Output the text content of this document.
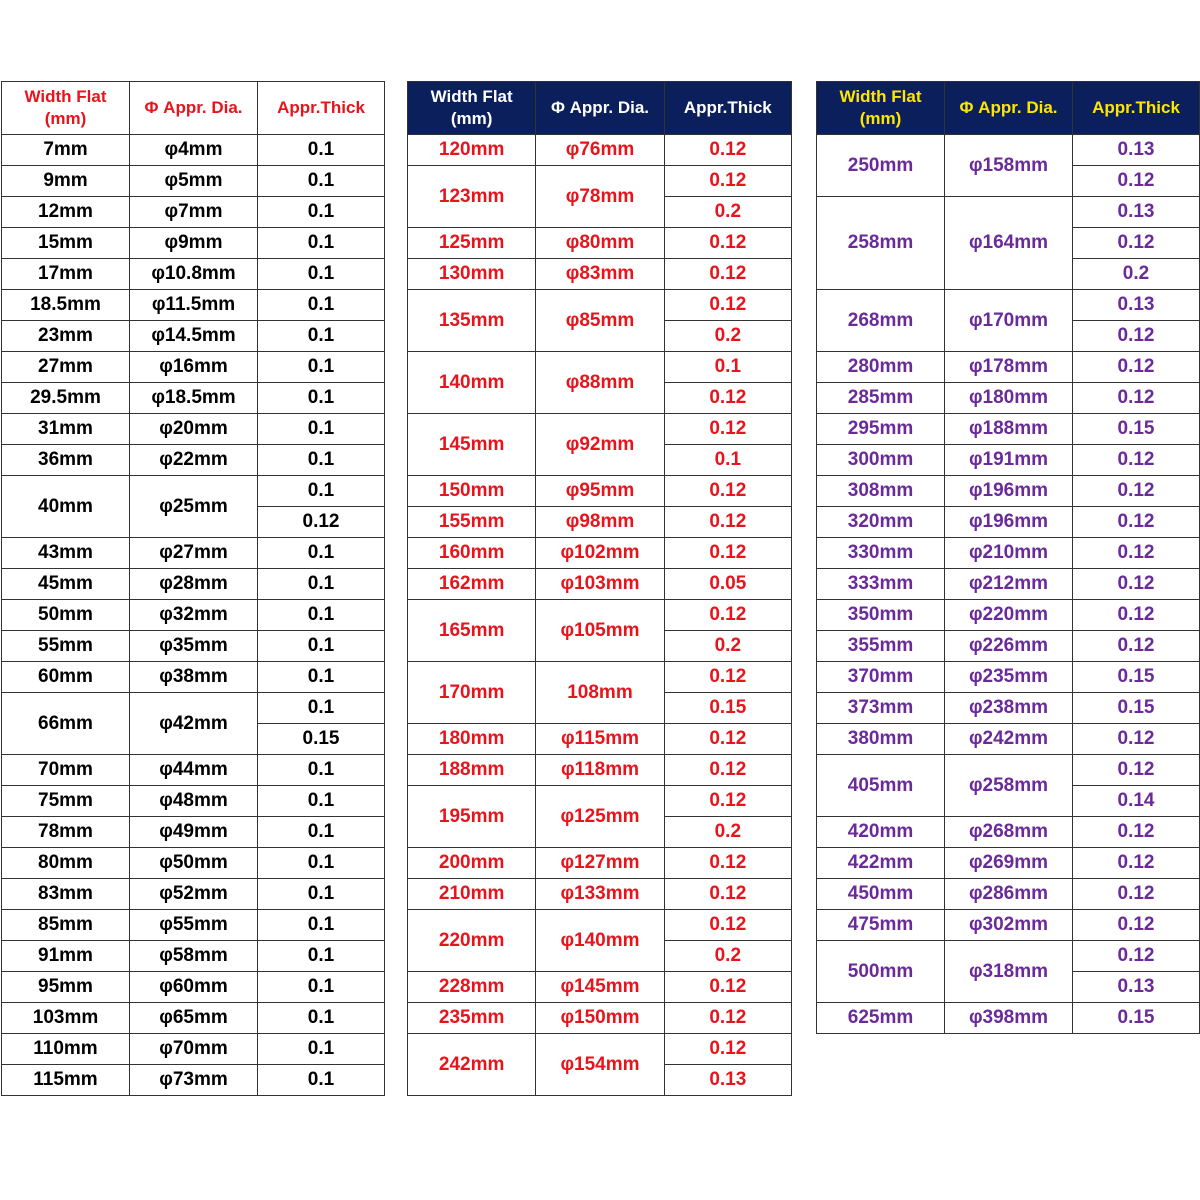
Width Flat
(mm)	Φ Appr. Dia.	Appr.Thick
7mm	φ4mm	0.1
9mm	φ5mm	0.1
12mm	φ7mm	0.1
15mm	φ9mm	0.1
17mm	φ10.8mm	0.1
18.5mm	φ11.5mm	0.1
23mm	φ14.5mm	0.1
27mm	φ16mm	0.1
29.5mm	φ18.5mm	0.1
31mm	φ20mm	0.1
36mm	φ22mm	0.1
40mm	φ25mm	0.1
		0.12
43mm	φ27mm	0.1
45mm	φ28mm	0.1
50mm	φ32mm	0.1
55mm	φ35mm	0.1
60mm	φ38mm	0.1
66mm	φ42mm	0.1
		0.15
70mm	φ44mm	0.1
75mm	φ48mm	0.1
78mm	φ49mm	0.1
80mm	φ50mm	0.1
83mm	φ52mm	0.1
85mm	φ55mm	0.1
91mm	φ58mm	0.1
95mm	φ60mm	0.1
103mm	φ65mm	0.1
110mm	φ70mm	0.1
115mm	φ73mm	0.1
Width Flat
(mm)	Φ Appr. Dia.	Appr.Thick
120mm	φ76mm	0.12
123mm	φ78mm	0.12
		0.2
125mm	φ80mm	0.12
130mm	φ83mm	0.12
135mm	φ85mm	0.12
		0.2
140mm	φ88mm	0.1
		0.12
145mm	φ92mm	0.12
		0.1
150mm	φ95mm	0.12
155mm	φ98mm	0.12
160mm	φ102mm	0.12
162mm	φ103mm	0.05
165mm	φ105mm	0.12
		0.2
170mm	108mm	0.12
		0.15
180mm	φ115mm	0.12
188mm	φ118mm	0.12
195mm	φ125mm	0.12
		0.2
200mm	φ127mm	0.12
210mm	φ133mm	0.12
220mm	φ140mm	0.12
		0.2
228mm	φ145mm	0.12
235mm	φ150mm	0.12
242mm	φ154mm	0.12
		0.13
Width Flat
(mm)	Φ Appr. Dia.	Appr.Thick
250mm	φ158mm	0.13
		0.12
258mm	φ164mm	0.13
		0.12
		0.2
268mm	φ170mm	0.13
		0.12
280mm	φ178mm	0.12
285mm	φ180mm	0.12
295mm	φ188mm	0.15
300mm	φ191mm	0.12
308mm	φ196mm	0.12
320mm	φ196mm	0.12
330mm	φ210mm	0.12
333mm	φ212mm	0.12
350mm	φ220mm	0.12
355mm	φ226mm	0.12
370mm	φ235mm	0.15
373mm	φ238mm	0.15
380mm	φ242mm	0.12
405mm	φ258mm	0.12
		0.14
420mm	φ268mm	0.12
422mm	φ269mm	0.12
450mm	φ286mm	0.12
475mm	φ302mm	0.12
500mm	φ318mm	0.12
		0.13
625mm	φ398mm	0.15
